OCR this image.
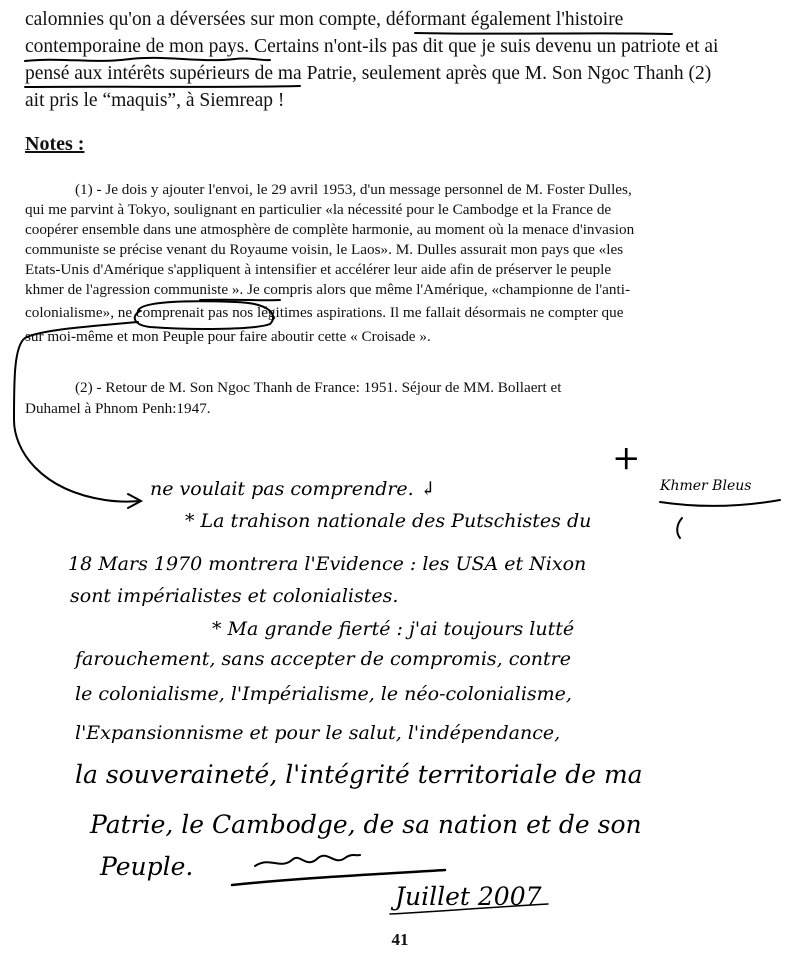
calomnies qu'on a déversées sur mon compte, déformant également l'histoire
contemporaine de mon pays. Certains n'ont-ils pas dit que je suis devenu un patriote et ai
pensé aux intérêts supérieurs de ma Patrie, seulement après que M. Son Ngoc Thanh (2)
ait pris le “maquis”, à Siemreap !
Notes :
(1) - Je dois y ajouter l'envoi, le 29 avril 1953, d'un message personnel de M. Foster Dulles,
qui me parvint à Tokyo, soulignant en particulier «la nécessité pour le Cambodge et la France de
coopérer ensemble dans une atmosphère de complète harmonie, au moment où la menace d'invasion
communiste se précise venant du Royaume voisin, le Laos». M. Dulles assurait mon pays que «les
Etats-Unis d'Amérique s'appliquent à intensifier et accélérer leur aide afin de préserver le peuple
khmer de l'agression communiste ». Je compris alors que même l'Amérique, «championne de l'anti-
colonialisme», ne comprenait pas nos légitimes aspirations. Il me fallait désormais ne compter que
sur moi-même et mon Peuple pour faire aboutir cette « Croisade ».
(2) - Retour de M. Son Ngoc Thanh de France: 1951. Séjour de MM. Bollaert et
Duhamel à Phnom Penh:1947.
+
Khmer Bleus
ne voulait pas comprendre. ↲
* La trahison nationale des Putschistes du
18 Mars 1970 montrera l'Evidence : les USA et Nixon
sont impérialistes et colonialistes.
* Ma grande fierté : j'ai toujours lutté
farouchement, sans accepter de compromis, contre
le colonialisme, l'Impérialisme, le néo-colonialisme,
l'Expansionnisme et pour le salut, l'indépendance,
la souveraineté, l'intégrité territoriale de ma
Patrie, le Cambodge, de sa nation et de son
Peuple.
Juillet 2007
41
